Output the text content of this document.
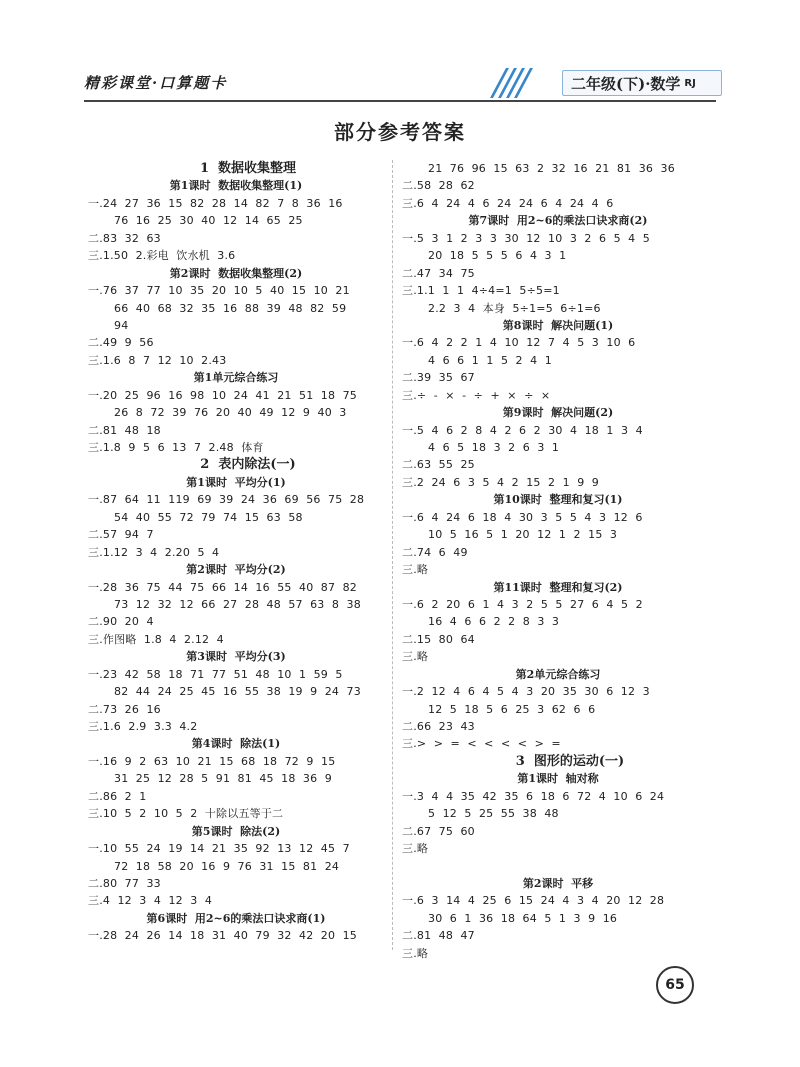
精彩课堂·口算题卡	二年级(下)·数学 RJ
部分参考答案
1  数据收集整理
第1课时  数据收集整理(1)
一.24  27  36  15  82  28  14  82  7  8  36  16
76  16  25  30  40  12  14  65  25
二.83  32  63
三.1.50  2.彩电  饮水机  3.6
第2课时  数据收集整理(2)
一.76  37  77  10  35  20  10  5  40  15  10  21
66  40  68  32  35  16  88  39  48  82  59
94
二.49  9  56
三.1.6  8  7  12  10  2.43
第1单元综合练习
一.20  25  96  16  98  10  24  41  21  51  18  75
26  8  72  39  76  20  40  49  12  9  40  3
二.81  48  18
三.1.8  9  5  6  13  7  2.48  体育
2  表内除法(一)
第1课时  平均分(1)
一.87  64  11  119  69  39  24  36  69  56  75  28
54  40  55  72  79  74  15  63  58
二.57  94  7
三.1.12  3  4  2.20  5  4
第2课时  平均分(2)
一.28  36  75  44  75  66  14  16  55  40  87  82
73  12  32  12  66  27  28  48  57  63  8  38
二.90  20  4
三.作图略  1.8  4  2.12  4
第3课时  平均分(3)
一.23  42  58  18  71  77  51  48  10  1  59  5
82  44  24  25  45  16  55  38  19  9  24  73
二.73  26  16
三.1.6  2.9  3.3  4.2
第4课时  除法(1)
一.16  9  2  63  10  21  15  68  18  72  9  15
31  25  12  28  5  91  81  45  18  36  9
二.86  2  1
三.10  5  2  10  5  2  十除以五等于二
第5课时  除法(2)
一.10  55  24  19  14  21  35  92  13  12  45  7
72  18  58  20  16  9  76  31  15  81  24
二.80  77  33
三.4  12  3  4  12  3  4
第6课时  用2~6的乘法口诀求商(1)
一.28  24  26  14  18  31  40  79  32  42  20  15
21  76  96  15  63  2  32  16  21  81  36  36
二.58  28  62
三.6  4  24  4  6  24  24  6  4  24  4  6
第7课时  用2~6的乘法口诀求商(2)
一.5  3  1  2  3  3  30  12  10  3  2  6  5  4  5
20  18  5  5  5  6  4  3  1
二.47  34  75
三.1.1  1  1  4÷4=1  5÷5=1
2.2  3  4  本身  5÷1=5  6÷1=6
第8课时  解决问题(1)
一.6  4  2  2  1  4  10  12  7  4  5  3  10  6
4  6  6  1  1  5  2  4  1
二.39  35  67
三.÷  -  ×  -  ÷  +  ×  ÷  ×
第9课时  解决问题(2)
一.5  4  6  2  8  4  2  6  2  30  4  18  1  3  4
4  6  5  18  3  2  6  3  1
二.63  55  25
三.2  24  6  3  5  4  2  15  2  1  9  9
第10课时  整理和复习(1)
一.6  4  24  6  18  4  30  3  5  5  4  3  12  6
10  5  16  5  1  20  12  1  2  15  3
二.74  6  49
三.略
第11课时  整理和复习(2)
一.6  2  20  6  1  4  3  2  5  5  27  6  4  5  2
16  4  6  6  2  2  8  3  3
二.15  80  64
三.略
第2单元综合练习
一.2  12  4  6  4  5  4  3  20  35  30  6  12  3
12  5  18  5  6  25  3  62  6  6
二.66  23  43
三.>  >  =  <  <  <  <  >  =
3  图形的运动(一)
第1课时  轴对称
一.3  4  4  35  42  35  6  18  6  72  4  10  6  24
5  12  5  25  55  38  48
二.67  75  60
三.略
第2课时  平移
一.6  3  14  4  25  6  15  24  4  3  4  20  12  28
30  6  1  36  18  64  5  1  3  9  16
二.81  48  47
三.略
65
